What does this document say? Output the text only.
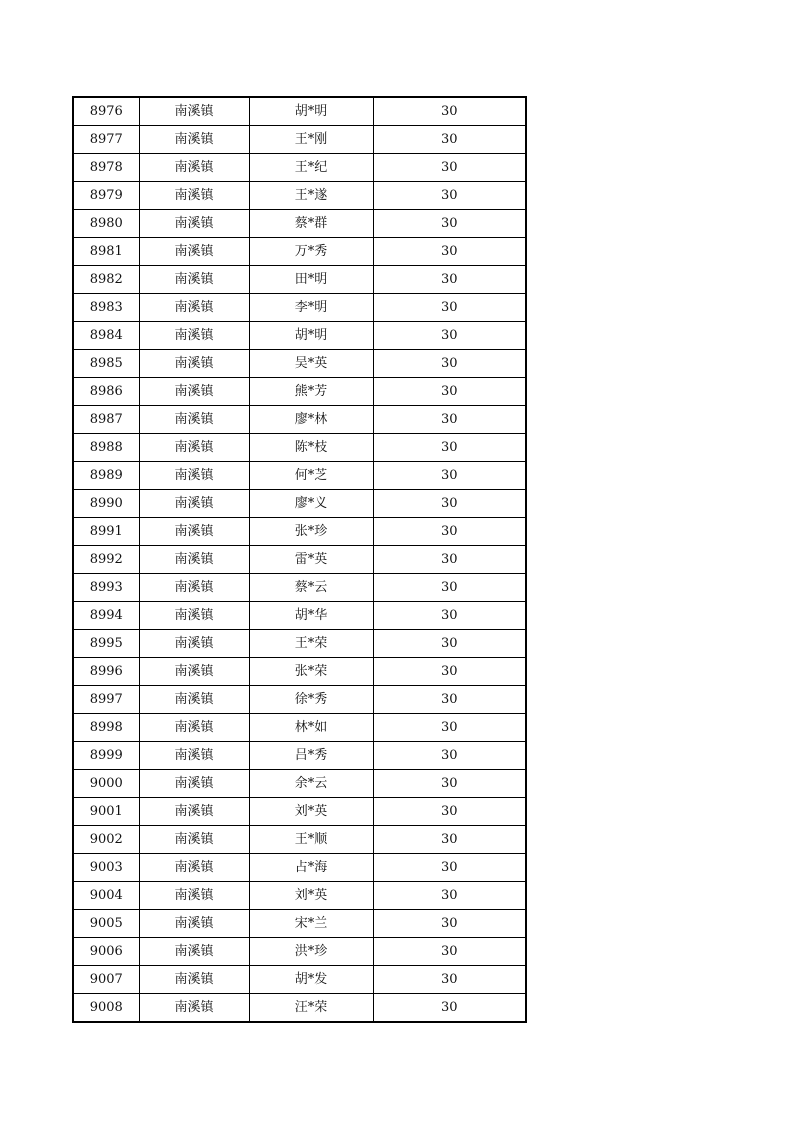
8976	南溪镇	胡*明	30
8977	南溪镇	王*刚	30
8978	南溪镇	王*纪	30
8979	南溪镇	王*遂	30
8980	南溪镇	蔡*群	30
8981	南溪镇	万*秀	30
8982	南溪镇	田*明	30
8983	南溪镇	李*明	30
8984	南溪镇	胡*明	30
8985	南溪镇	吴*英	30
8986	南溪镇	熊*芳	30
8987	南溪镇	廖*林	30
8988	南溪镇	陈*枝	30
8989	南溪镇	何*芝	30
8990	南溪镇	廖*义	30
8991	南溪镇	张*珍	30
8992	南溪镇	雷*英	30
8993	南溪镇	蔡*云	30
8994	南溪镇	胡*华	30
8995	南溪镇	王*荣	30
8996	南溪镇	张*荣	30
8997	南溪镇	徐*秀	30
8998	南溪镇	林*如	30
8999	南溪镇	吕*秀	30
9000	南溪镇	余*云	30
9001	南溪镇	刘*英	30
9002	南溪镇	王*顺	30
9003	南溪镇	占*海	30
9004	南溪镇	刘*英	30
9005	南溪镇	宋*兰	30
9006	南溪镇	洪*珍	30
9007	南溪镇	胡*发	30
9008	南溪镇	汪*荣	30
